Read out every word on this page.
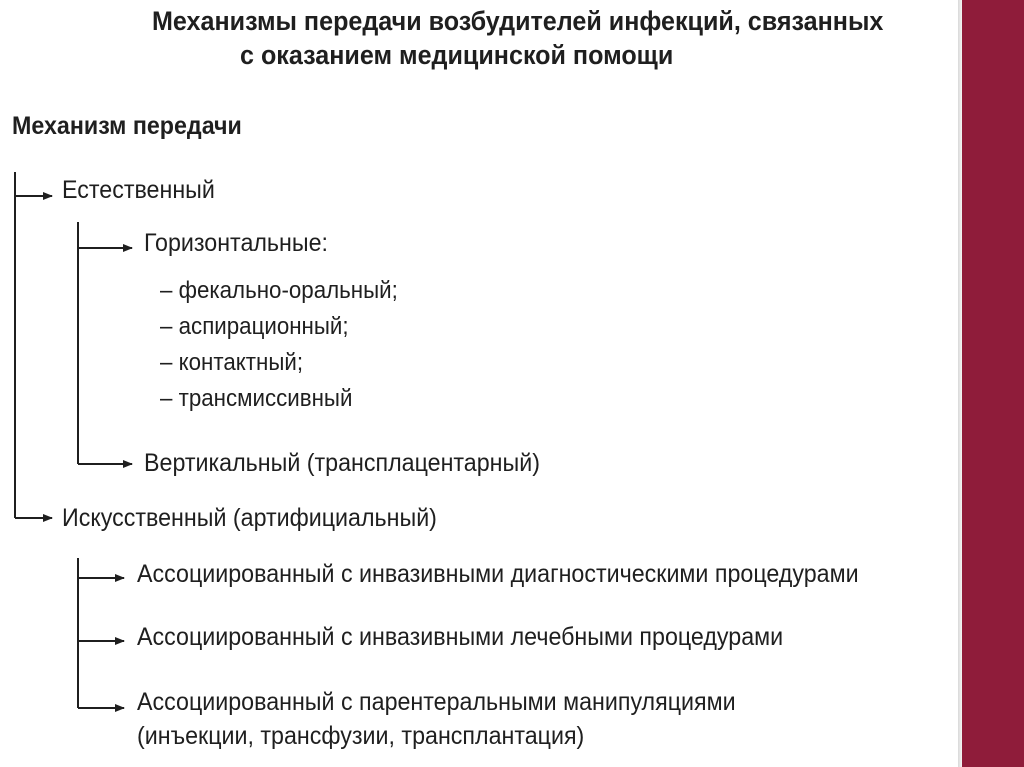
Механизмы передачи возбудителей инфекций, связанных

с оказанием медицинской помощи

Механизм передачи

Естественный

Горизонтальные:

– фекально-оральный;
– аспирационный;
– контактный;
– трансмиссивный

Вертикальный (трансплацентарный)

Искусственный (артифициальный)

Ассоциированный с инвазивными диагностическими процедурами

Ассоциированный с инвазивными лечебными процедурами

Ассоциированный с парентеральными манипуляциями

(инъекции, трансфузии, трансплантация)
